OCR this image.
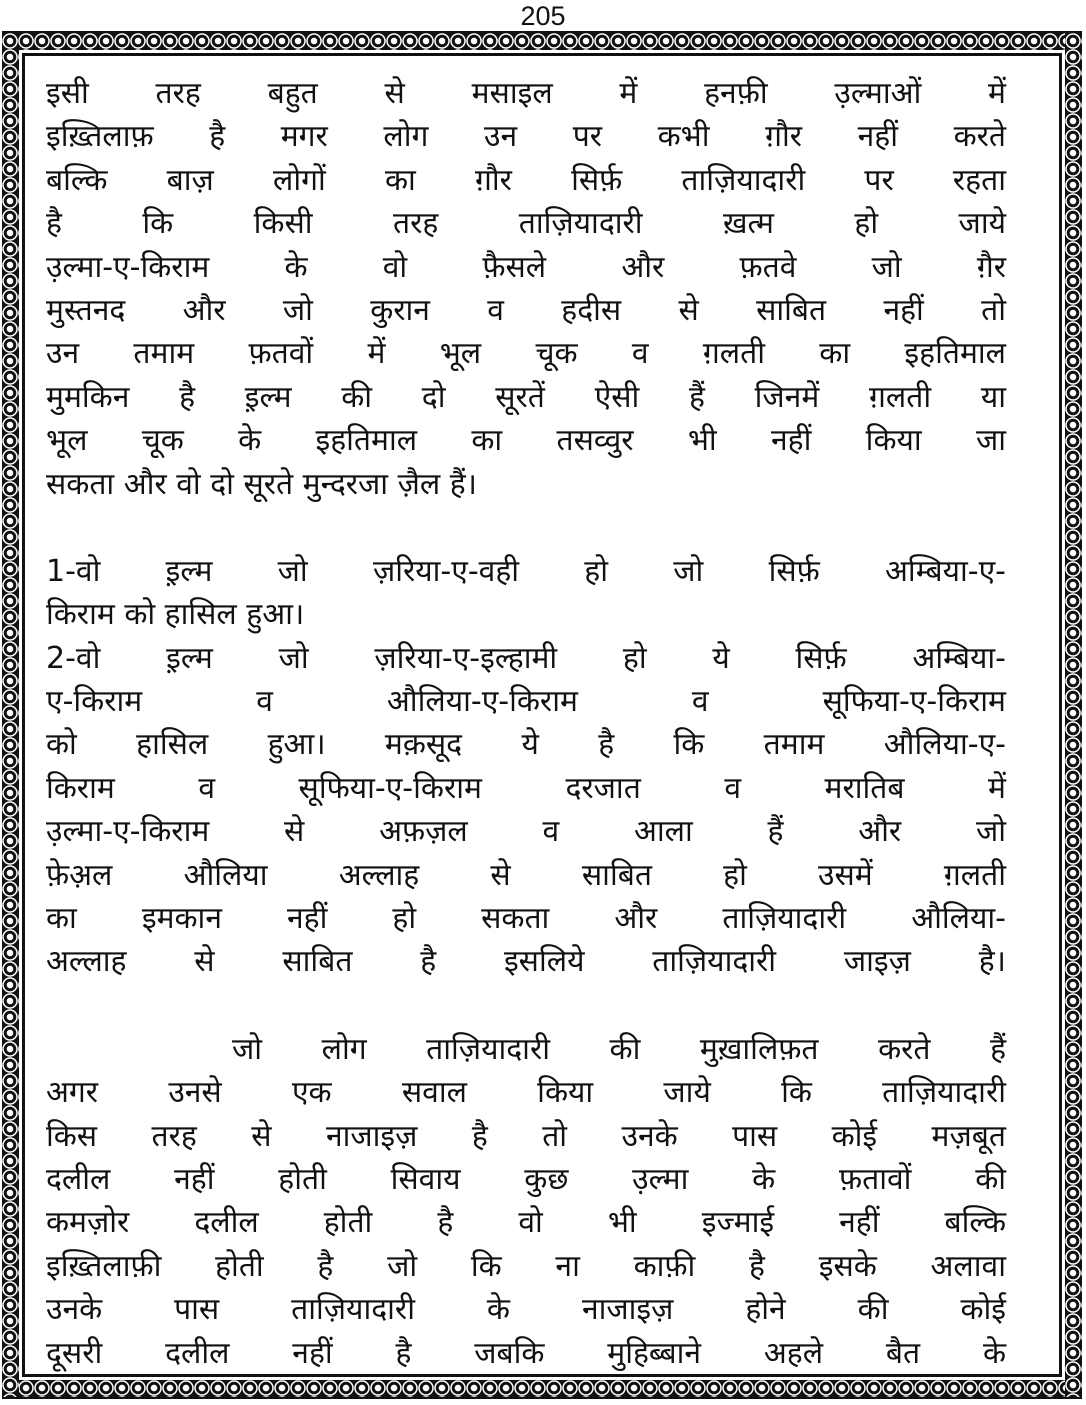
205
इसी तरह बहुत से मसाइल में हनफ़ी उ़ल्माओं में
इख़्तिलाफ़ है मगर लोग उन पर कभी ग़ौर नहीं करते
बल्कि बाज़ लोगों का ग़ौर सिर्फ़ ताज़ियादारी पर रहता
है कि किसी तरह ताज़ियादारी ख़त्म हो जाये
उ़ल्मा-ए-किराम के वो फ़ैसले और फ़तवे जो ग़ैर
मुस्तनद और जो कुरान व हदीस से साबित नहीं तो
उन तमाम फ़तवों में भूल चूक व ग़लती का इहतिमाल
मुमकिन है इ़ल्म की दो सूरतें ऐसी हैं जिनमें ग़लती या
भूल चूक के इहतिमाल का तसव्वुर भी नहीं किया जा
सकता और वो दो सूरते मुन्दरजा ज़ैल हैं।
1-वो इ़ल्म जो ज़रिया-ए-वही हो जो सिर्फ़ अम्बिया-ए-
किराम को हासिल हुआ।
2-वो इ़ल्म जो ज़रिया-ए-इल्हामी हो ये सिर्फ़ अम्बिया-
ए-किराम व औलिया-ए-किराम व सूफिया-ए-किराम
को हासिल हुआ। मक़सूद ये है कि तमाम औलिया-ए-
किराम व सूफिया-ए-किराम दरजात व मरातिब में
उ़ल्मा-ए-किराम से अफ़ज़ल व आला हैं और जो
फ़ेअ़ल औलिया अल्लाह से साबित हो उसमें ग़लती
का इमकान नहीं हो सकता और ताज़ियादारी औलिया-
अल्लाह से साबित है इसलिये ताज़ियादारी जाइज़ है।
जो लोग ताज़ियादारी की मुख़ालिफ़त करते हैं
अगर उनसे एक सवाल किया जाये कि ताज़ियादारी
किस तरह से नाजाइज़ है तो उनके पास कोई मज़बूत
दलील नहीं होती सिवाय कुछ उ़ल्मा के फ़तावों की
कमज़ोर दलील होती है वो भी इज्माई नहीं बल्कि
इख़्तिलाफ़ी होती है जो कि ना काफ़ी है इसके अलावा
उनके पास ताज़ियादारी के नाजाइज़ होने की कोई
दूसरी दलील नहीं है जबकि मुहिब्बाने अहले बैत के
